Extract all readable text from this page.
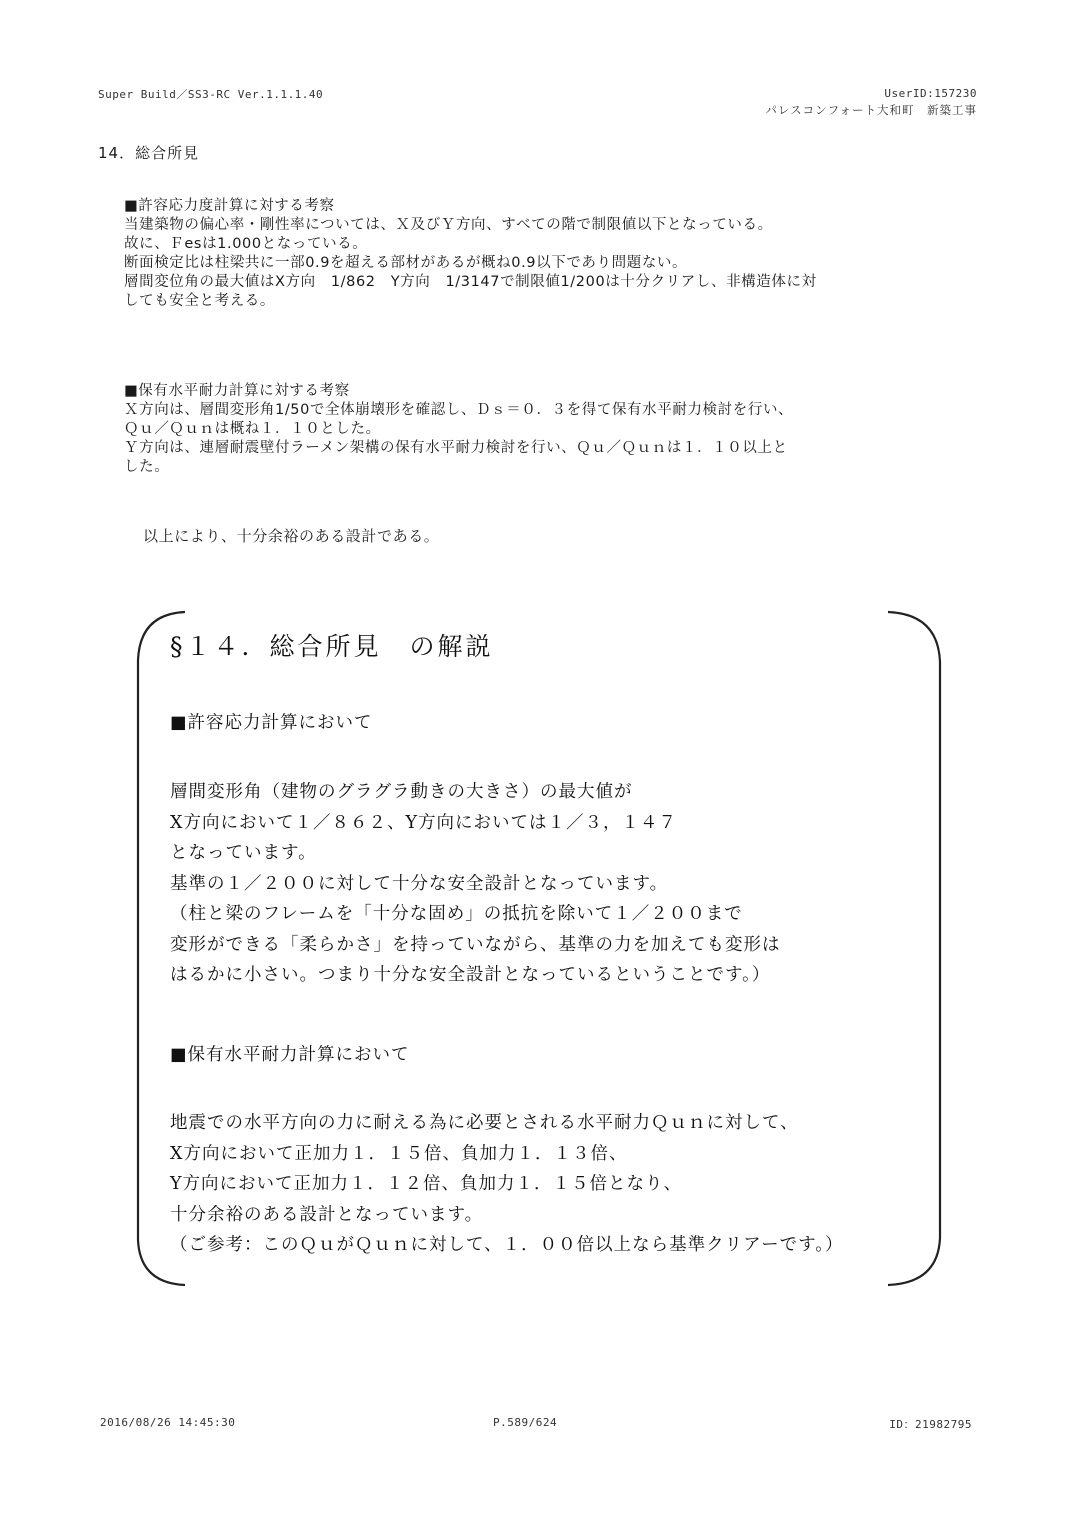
Super Build／SS3-RC Ver.1.1.1.40	UserID:157230
パレスコンフォート大和町　新築工事
14．総合所見

■許容応力度計算に対する考察

当建築物の偏心率・剛性率については、Ｘ及びＹ方向、すべての階で制限値以下となっている。

故に、Ｆesは1.000となっている。

断面検定比は柱梁共に一部0.9を超える部材があるが概ね0.9以下であり問題ない。

層間変位角の最大値はX方向　1/862　Y方向　1/3147で制限値1/200は十分クリアし、非構造体に対

しても安全と考える。

■保有水平耐力計算に対する考察

Ｘ方向は、層間変形角1/50で全体崩壊形を確認し、Ｄｓ＝０．３を得て保有水平耐力検討を行い、

Ｑｕ／Ｑｕｎは概ね１．１０とした。

Ｙ方向は、連層耐震壁付ラーメン架構の保有水平耐力検討を行い、Ｑｕ／Ｑｕｎは１．１０以上と

した。

以上により、十分余裕のある設計である。
§１４．総合所見　の解説
■許容応力計算において

層間変形角（建物のグラグラ動きの大きさ）の最大値が

X方向において１／８６２、Y方向においては１／３，１４７

となっています。

基準の１／２００に対して十分な安全設計となっています。

（柱と梁のフレームを「十分な固め」の抵抗を除いて１／２００まで

変形ができる「柔らかさ」を持っていながら、基準の力を加えても変形は

はるかに小さい。つまり十分な安全設計となっているということです。）

■保有水平耐力計算において

地震での水平方向の力に耐える為に必要とされる水平耐力Ｑｕｎに対して、

X方向において正加力１．１５倍、負加力１．１３倍、

Y方向において正加力１．１２倍、負加力１．１５倍となり、

十分余裕のある設計となっています。

（ご参考：このＱｕがＱｕｎに対して、１．００倍以上なら基準クリアーです。）

2016/08/26 14:45:30	P.589/624	ID：21982795
